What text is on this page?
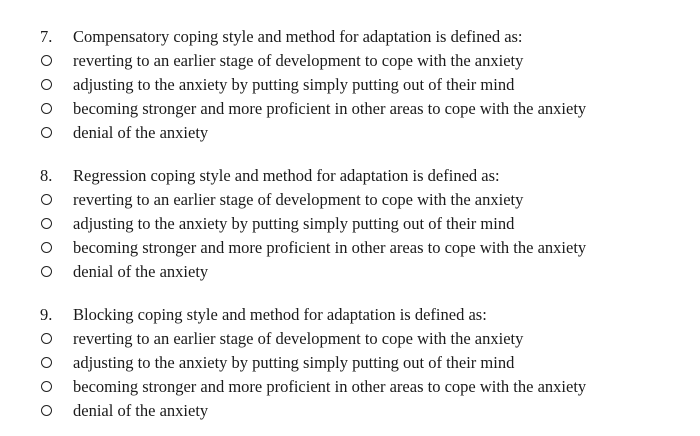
7. Compensatory coping style and method for adaptation is defined as:
reverting to an earlier stage of development to cope with the anxiety
adjusting to the anxiety by putting simply putting out of their mind
becoming stronger and more proficient in other areas to cope with the anxiety
denial of the anxiety
8. Regression coping style and method for adaptation is defined as:
reverting to an earlier stage of development to cope with the anxiety
adjusting to the anxiety by putting simply putting out of their mind
becoming stronger and more proficient in other areas to cope with the anxiety
denial of the anxiety
9. Blocking coping style and method for adaptation is defined as:
reverting to an earlier stage of development to cope with the anxiety
adjusting to the anxiety by putting simply putting out of their mind
becoming stronger and more proficient in other areas to cope with the anxiety
denial of the anxiety
